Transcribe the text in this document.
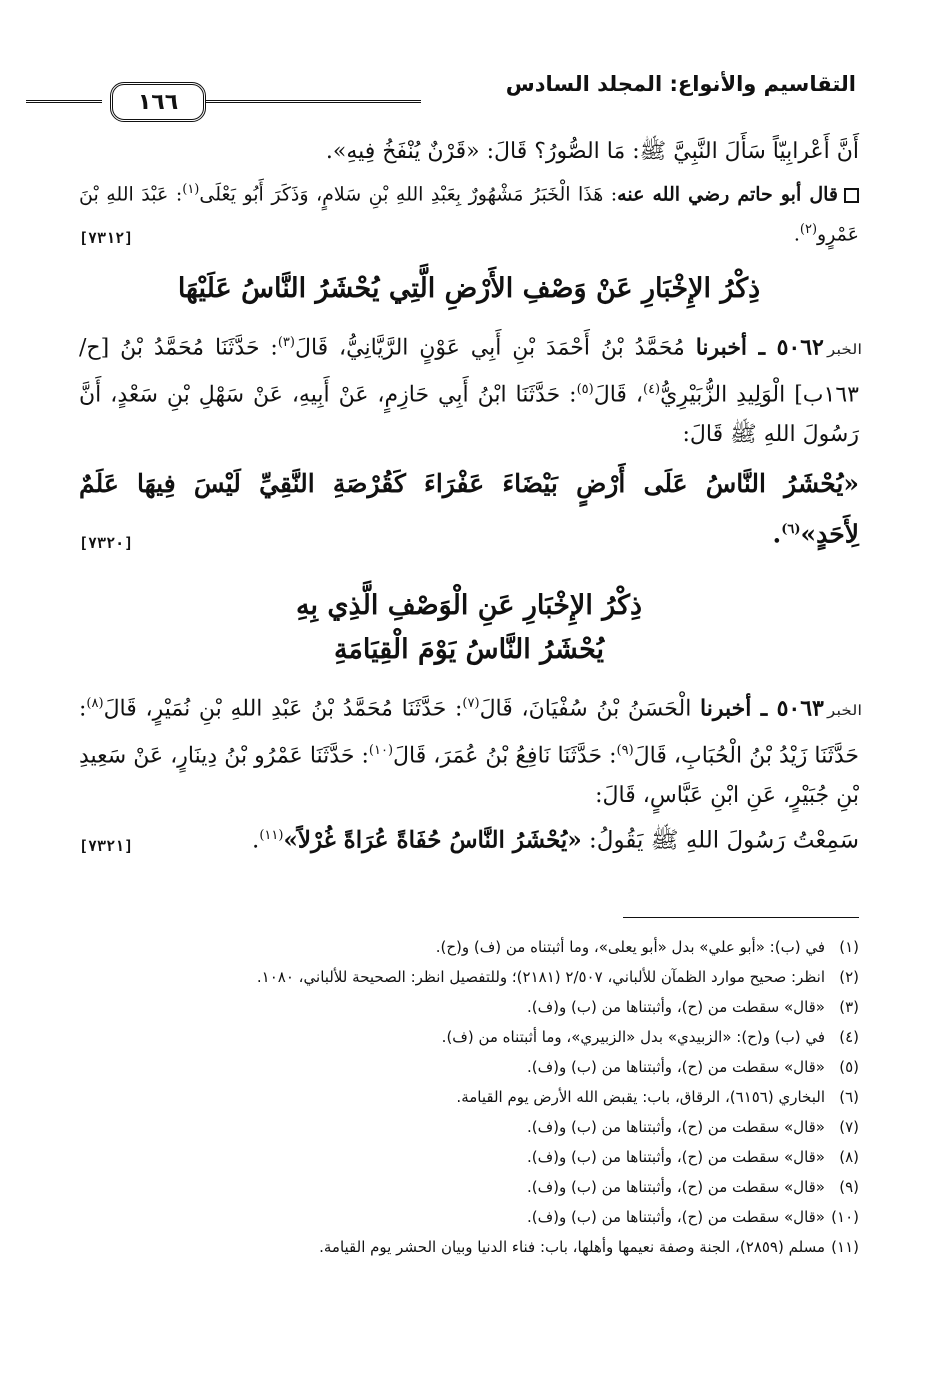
التقاسيم والأنواع: المجلد السادس
١٦٦

أَنَّ أَعْرابِيّاً سَأَلَ النَّبِيَّ ﷺ: مَا الصُّورُ؟ قَالَ: «قَرْنٌ يُنْفَخُ فِيهِ».

قال أبو حاتم رضي الله عنه: هَذَا الْخَبَرُ مَشْهُورٌ بِعَبْدِ اللهِ بْنِ سَلامٍ، وَذَكَرَ أَبُو يَعْلَى$^{(١)}$: عَبْدَ اللهِ بْنَ عَمْرٍو$^{(٢)}$.

[٧٣١٢]
ذِكْرُ الإِخْبَارِ عَنْ وَصْفِ الأَرْضِ الَّتِي يُحْشَرُ النَّاسُ عَلَيْهَا

الخبر٥٠٦٢ ـ أخبرنا مُحَمَّدُ بْنُ أَحْمَدَ بْنِ أَبِي عَوْنٍ الرَّيَّانِيُّ، قَالَ$^{(٣)}$: حَدَّثَنَا مُحَمَّدُ بْنُ [ح/١٦٣ب] الْوَلِيدِ الزُّبَيْرِيُّ$^{(٤)}$، قَالَ$^{(٥)}$: حَدَّثَنَا ابْنُ أَبِي حَازِمٍ، عَنْ أَبِيهِ، عَنْ سَهْلِ بْنِ سَعْدٍ، أَنَّ رَسُولَ اللهِ ﷺ قَالَ:

«يُحْشَرُ النَّاسُ عَلَى أَرْضٍ بَيْضَاءَ عَفْرَاءَ كَقُرْصَةِ النَّقِيِّ لَيْسَ فِيهَا عَلَمٌ لِأَحَدٍ»$^{(٦)}$.

[٧٣٢٠]
ذِكْرُ الإِخْبَارِ عَنِ الْوَصْفِ الَّذِي بِهِ
يُحْشَرُ النَّاسُ يَوْمَ الْقِيَامَةِ

الخبر٥٠٦٣ ـ أخبرنا الْحَسَنُ بْنُ سُفْيَانَ، قَالَ$^{(٧)}$: حَدَّثَنَا مُحَمَّدُ بْنُ عَبْدِ اللهِ بْنِ نُمَيْرٍ، قَالَ$^{(٨)}$: حَدَّثَنَا زَيْدُ بْنُ الْحُبَابِ، قَالَ$^{(٩)}$: حَدَّثَنَا نَافِعُ بْنُ عُمَرَ، قَالَ$^{(١٠)}$: حَدَّثَنَا عَمْرُو بْنُ دِينَارٍ، عَنْ سَعِيدِ بْنِ جُبَيْرٍ، عَنِ ابْنِ عَبَّاسٍ، قَالَ:

سَمِعْتُ رَسُولَ اللهِ ﷺ يَقُولُ: «يُحْشَرُ النَّاسُ حُفَاةً عُرَاةً غُرْلاً»$^{(١١)}$.

[٧٣٢١]
(١)
في (ب): «أبو علي» بدل «أبو يعلى»، وما أثبتناه من (ف) و(ح).
(٢)
انظر: صحيح موارد الظمآن للألباني، ٢/٥٠٧ (٢١٨١)؛ وللتفصيل انظر: الصحيحة للألباني، ١٠٨٠.
(٣)
«قال» سقطت من (ح)، وأثبتناها من (ب) و(ف).
(٤)
في (ب) و(ح): «الزبيدي» بدل «الزبيري»، وما أثبتناه من (ف).
(٥)
«قال» سقطت من (ح)، وأثبتناها من (ب) و(ف).
(٦)
البخاري (٦١٥٦)، الرقاق، باب: يقبض الله الأرض يوم القيامة.
(٧)
«قال» سقطت من (ح)، وأثبتناها من (ب) و(ف).
(٨)
«قال» سقطت من (ح)، وأثبتناها من (ب) و(ف).
(٩)
«قال» سقطت من (ح)، وأثبتناها من (ب) و(ف).
(١٠)
«قال» سقطت من (ح)، وأثبتناها من (ب) و(ف).
(١١)
مسلم (٢٨٥٩)، الجنة وصفة نعيمها وأهلها، باب: فناء الدنيا وبيان الحشر يوم القيامة.
